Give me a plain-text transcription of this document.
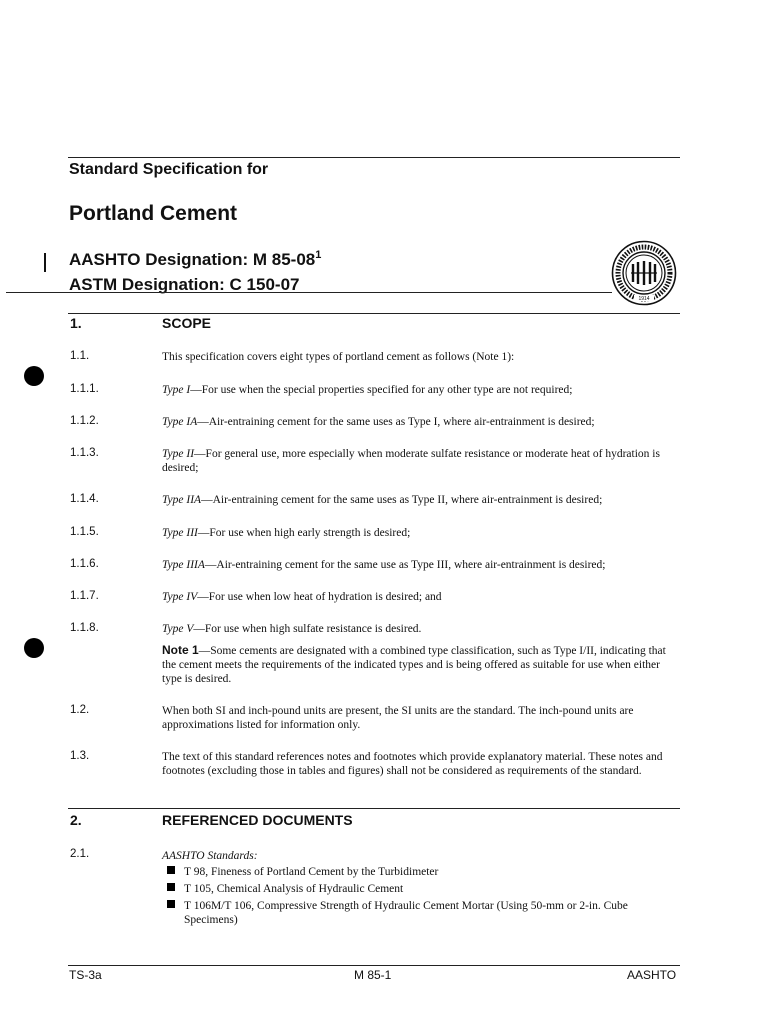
Standard Specification for
Portland Cement
AASHTO Designation: M $85-08^1$
ASTM Designation: C 150-07
1914
1.	SCOPE
1.1.	This specification covers eight types of portland cement as follows (Note 1):
1.1.1.	Type I—For use when the special properties specified for any other type are not required;
1.1.2.	Type IA—Air-entraining cement for the same uses as Type I, where air-entrainment is desired;
1.1.3.	Type II—For general use, more especially when moderate sulfate resistance or moderate heat of hydration is desired;
1.1.4.	Type IIA—Air-entraining cement for the same uses as Type II, where air-entrainment is desired;
1.1.5.	Type III—For use when high early strength is desired;
1.1.6.	Type IIIA—Air-entraining cement for the same use as Type III, where air-entrainment is desired;
1.1.7.	Type IV—For use when low heat of hydration is desired; and
1.1.8.	Type V—For use when high sulfate resistance is desired.
Note 1—Some cements are designated with a combined type classification, such as Type I/II, indicating that the cement meets the requirements of the indicated types and is being offered as suitable for use when either type is desired.
1.2.	When both SI and inch-pound units are present, the SI units are the standard. The inch-pound units are approximations listed for information only.
1.3.	The text of this standard references notes and footnotes which provide explanatory material. These notes and footnotes (excluding those in tables and figures) shall not be considered as requirements of the standard.
2.	REFERENCED DOCUMENTS
2.1.	AASHTO Standards:
T 98, Fineness of Portland Cement by the Turbidimeter
T 105, Chemical Analysis of Hydraulic Cement
T 106M/T 106, Compressive Strength of Hydraulic Cement Mortar (Using 50-mm or 2-in. Cube Specimens)
TS-3a	M 85-1	AASHTO
